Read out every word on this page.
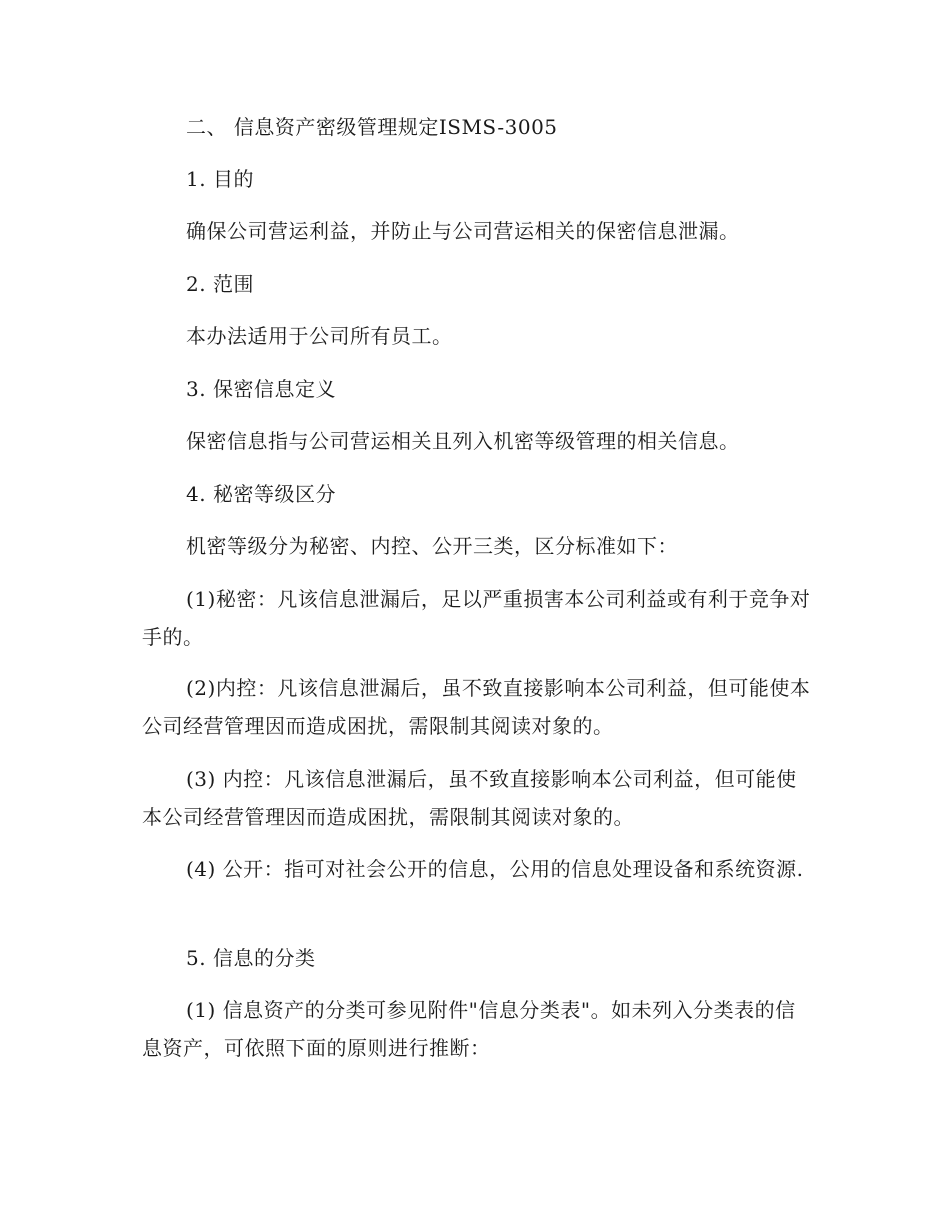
二、 信息资产密级管理规定ISMS-3005
1. 目的
确保公司营运利益，并防止与公司营运相关的保密信息泄漏。
2. 范围
本办法适用于公司所有员工。
3. 保密信息定义
保密信息指与公司营运相关且列入机密等级管理的相关信息。
4. 秘密等级区分
机密等级分为秘密、内控、公开三类，区分标准如下：

(1)秘密：凡该信息泄漏后，足以严重损害本公司利益或有利于竞争对手的。

(2)内控：凡该信息泄漏后，虽不致直接影响本公司利益，但可能使本公司经营管理因而造成困扰，需限制其阅读对象的。

(3) 内控：凡该信息泄漏后，虽不致直接影响本公司利益，但可能使本公司经营管理因而造成困扰，需限制其阅读对象的。

(4) 公开：指可对社会公开的信息，公用的信息处理设备和系统资源.

5. 信息的分类

(1) 信息资产的分类可参见附件"信息分类表"。如未列入分类表的信息资产，可依照下面的原则进行推断：
